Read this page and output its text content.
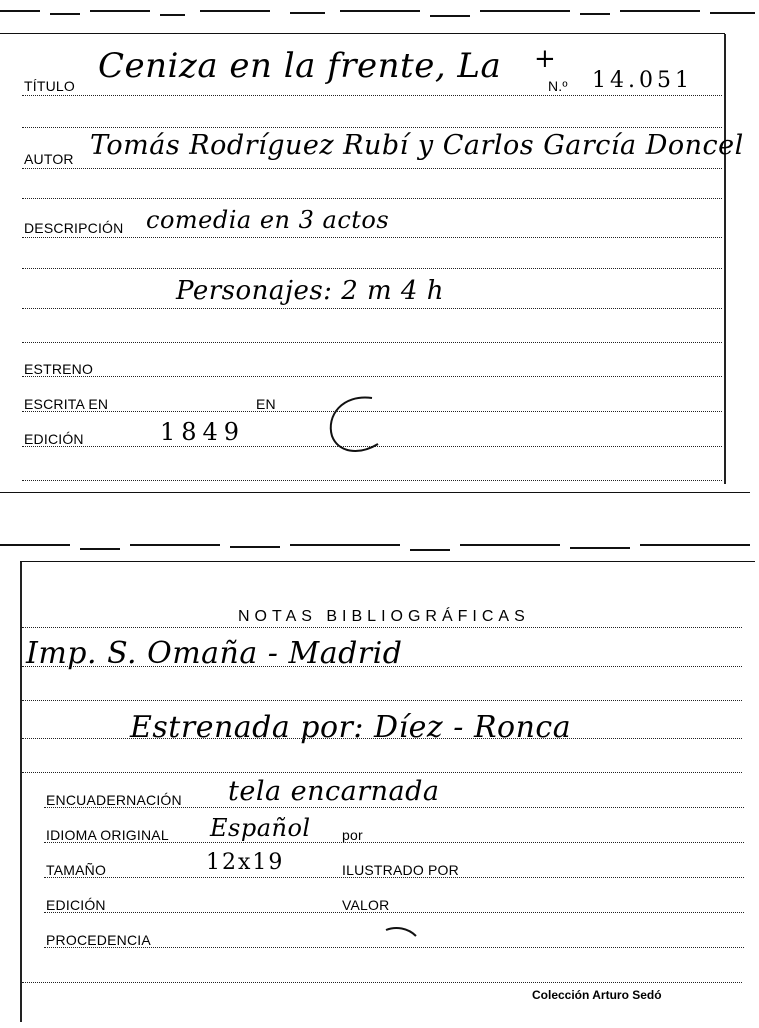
TÍTULO Ceniza en la frente, La +
N.º 14.051
AUTOR Tomás Rodríguez Rubí y Carlos García Doncel
DESCRIPCIÓN comedia en 3 actos
Personajes: 2 m 4 h
ESTRENO
ESCRITA EN	EN
EDICIÓN	1849
NOTAS BIBLIOGRÁFICAS
Imp. S. Omaña - Madrid
Estrenada por: Díez - Ronca
ENCUADERNACIÓN tela encarnada
IDIOMA ORIGINAL Español por
TAMAÑO	12x19	ILUSTRADO POR
EDICIÓN	VALOR
PROCEDENCIA
Colección Arturo Sedó
